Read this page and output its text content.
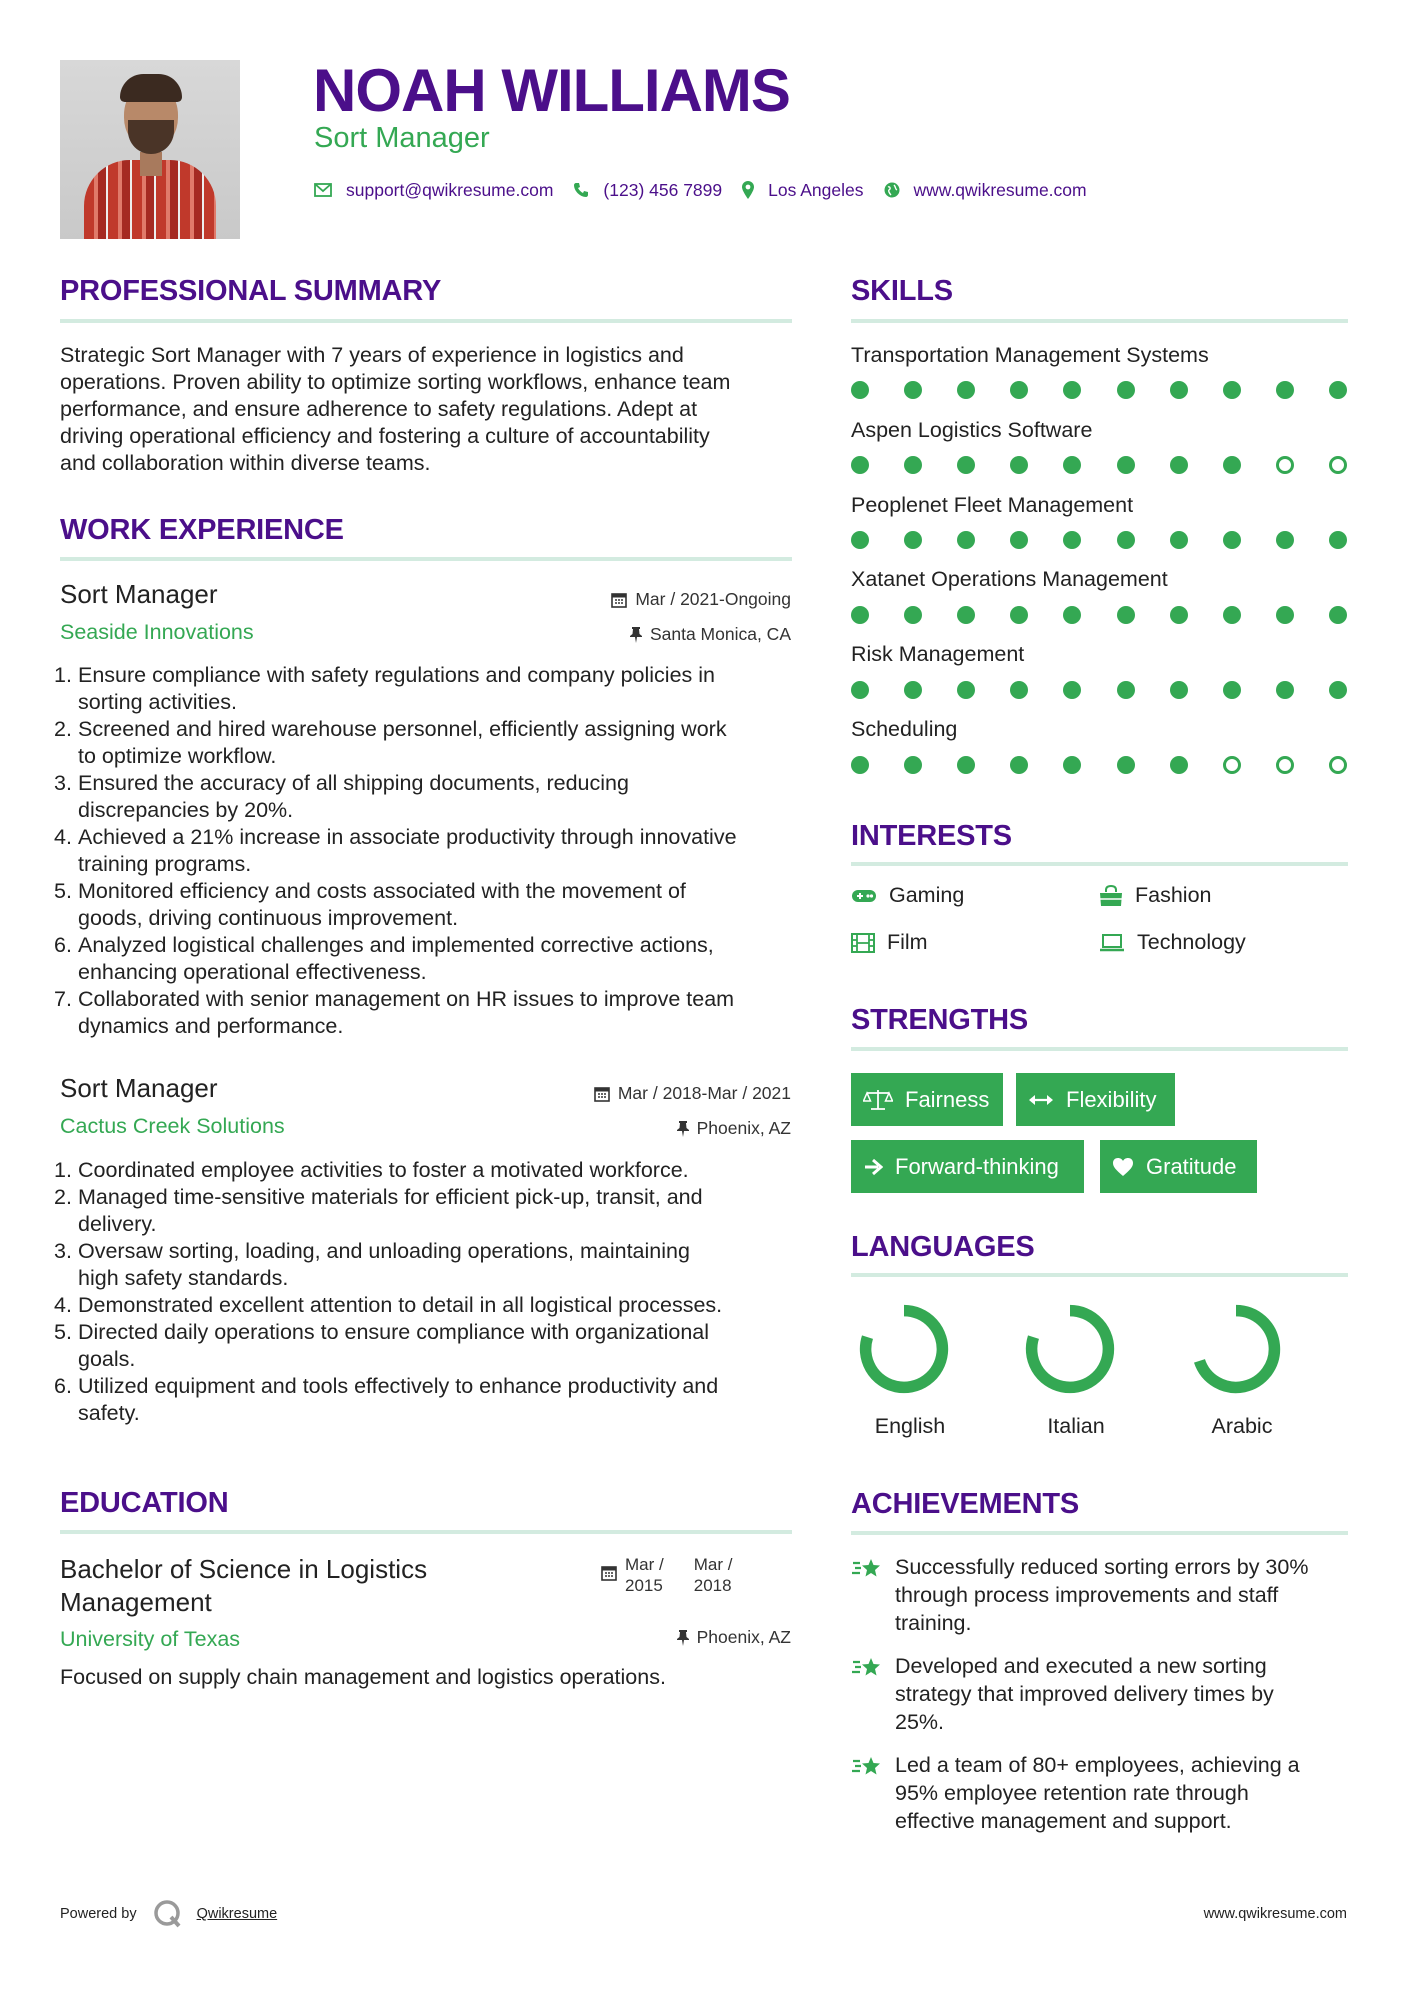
NOAH WILLIAMS
Sort Manager
support@qwikresume.com	(123) 456 7899	Los Angeles	www.qwikresume.com
PROFESSIONAL SUMMARY
Strategic Sort Manager with 7 years of experience in logistics and
operations. Proven ability to optimize sorting workflows, enhance team
performance, and ensure adherence to safety regulations. Adept at
driving operational efficiency and fostering a culture of accountability
and collaboration within diverse teams.
WORK EXPERIENCE
Sort Manager
Seaside Innovations
Mar / 2021-Ongoing
Santa Monica, CA
1. Ensure compliance with safety regulations and company policies in
sorting activities.
2. Screened and hired warehouse personnel, efficiently assigning work
to optimize workflow.
3. Ensured the accuracy of all shipping documents, reducing
discrepancies by 20%.
4. Achieved a 21% increase in associate productivity through innovative
training programs.
5. Monitored efficiency and costs associated with the movement of
goods, driving continuous improvement.
6. Analyzed logistical challenges and implemented corrective actions,
enhancing operational effectiveness.
7. Collaborated with senior management on HR issues to improve team
dynamics and performance.
Sort Manager
Cactus Creek Solutions
Mar / 2018-Mar / 2021
Phoenix, AZ
1. Coordinated employee activities to foster a motivated workforce.
2. Managed time-sensitive materials for efficient pick-up, transit, and
delivery.
3. Oversaw sorting, loading, and unloading operations, maintaining
high safety standards.
4. Demonstrated excellent attention to detail in all logistical processes.
5. Directed daily operations to ensure compliance with organizational
goals.
6. Utilized equipment and tools effectively to enhance productivity and
safety.
EDUCATION
Bachelor of Science in Logistics
Management
University of Texas
Mar /
2015
Mar /
2018
Phoenix, AZ
Focused on supply chain management and logistics operations.
SKILLS
Transportation Management Systems
Aspen Logistics Software
Peoplenet Fleet Management
Xatanet Operations Management
Risk Management
Scheduling
INTERESTS
Gaming	Fashion
Film	Technology
STRENGTHS
Fairness	Flexibility
Forward-thinking	Gratitude
LANGUAGES
English	Italian	Arabic
ACHIEVEMENTS
Successfully reduced sorting errors by 30%
through process improvements and staff
training.
Developed and executed a new sorting
strategy that improved delivery times by
25%.
Led a team of 80+ employees, achieving a
95% employee retention rate through
effective management and support.
Powered by	Qwikresume	www.qwikresume.com
